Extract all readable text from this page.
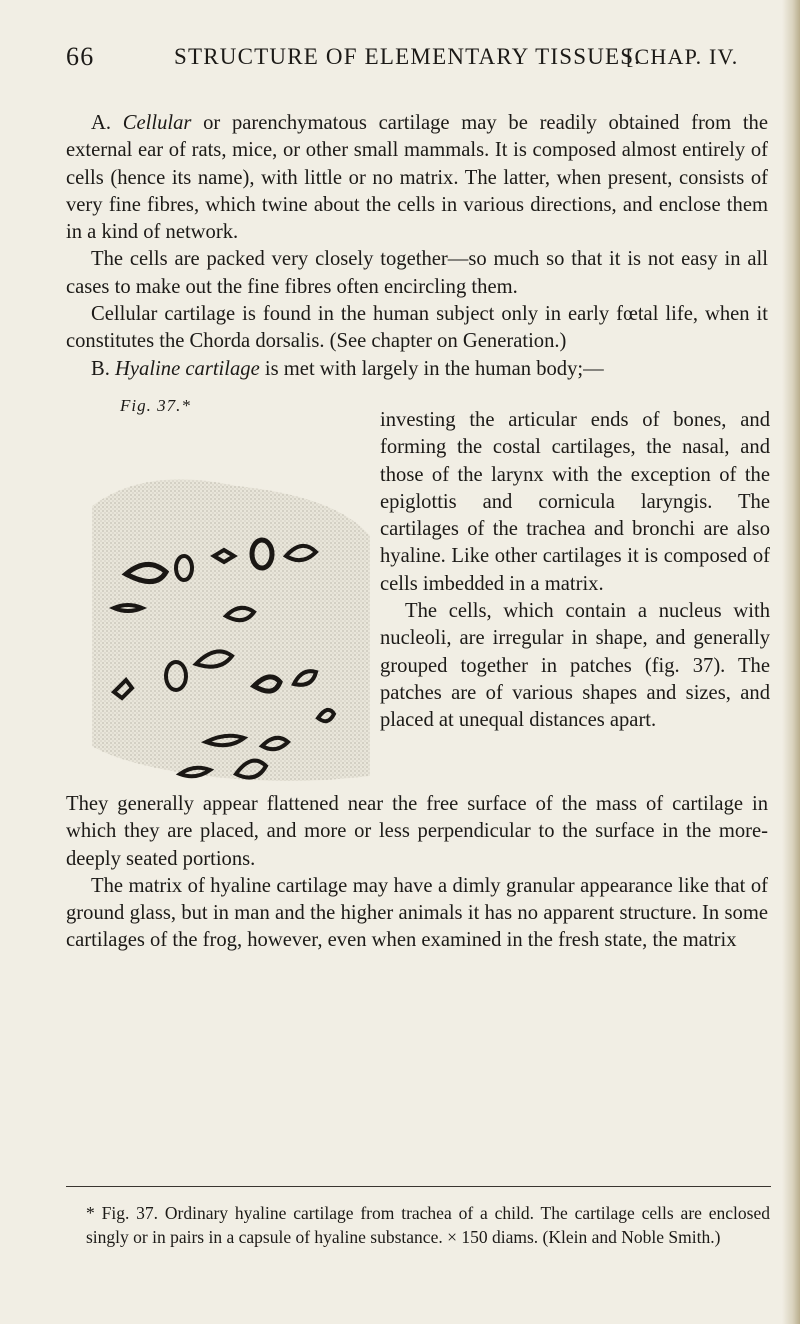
66	STRUCTURE OF ELEMENTARY TISSUES.
[CHAP. IV.

A. Cellular or parenchymatous cartilage may be readily obtained from the external ear of rats, mice, or other small mammals. It is composed almost entirely of cells (hence its name), with little or no matrix. The latter, when present, consists of very fine fibres, which twine about the cells in various directions, and enclose them in a kind of network.

The cells are packed very closely together—so much so that it is not easy in all cases to make out the fine fibres often encircling them.

Cellular cartilage is found in the human subject only in early fœtal life, when it constitutes the Chorda dorsalis. (See chapter on Generation.)

B. Hyaline cartilage is met with largely in the human body;—

Fig. 37.*

investing the articular ends of bones, and forming the costal cartilages, the nasal, and those of the larynx with the exception of the epiglottis and cornicula laryngis. The cartilages of the trachea and bronchi are also hyaline. Like other cartilages it is composed of cells imbedded in a matrix.

The cells, which contain a nucleus with nucleoli, are irregular in shape, and generally grouped together in patches (fig. 37). The patches are of various shapes and sizes, and placed at unequal distances apart.

They generally appear flattened near the free surface of the mass of cartilage in which they are placed, and more or less perpendicular to the surface in the more-deeply seated portions.

The matrix of hyaline cartilage may have a dimly granular appearance like that of ground glass, but in man and the higher animals it has no apparent structure. In some cartilages of the frog, however, even when examined in the fresh state, the matrix

* Fig. 37. Ordinary hyaline cartilage from trachea of a child. The cartilage cells are enclosed singly or in pairs in a capsule of hyaline substance. × 150 diams. (Klein and Noble Smith.)
